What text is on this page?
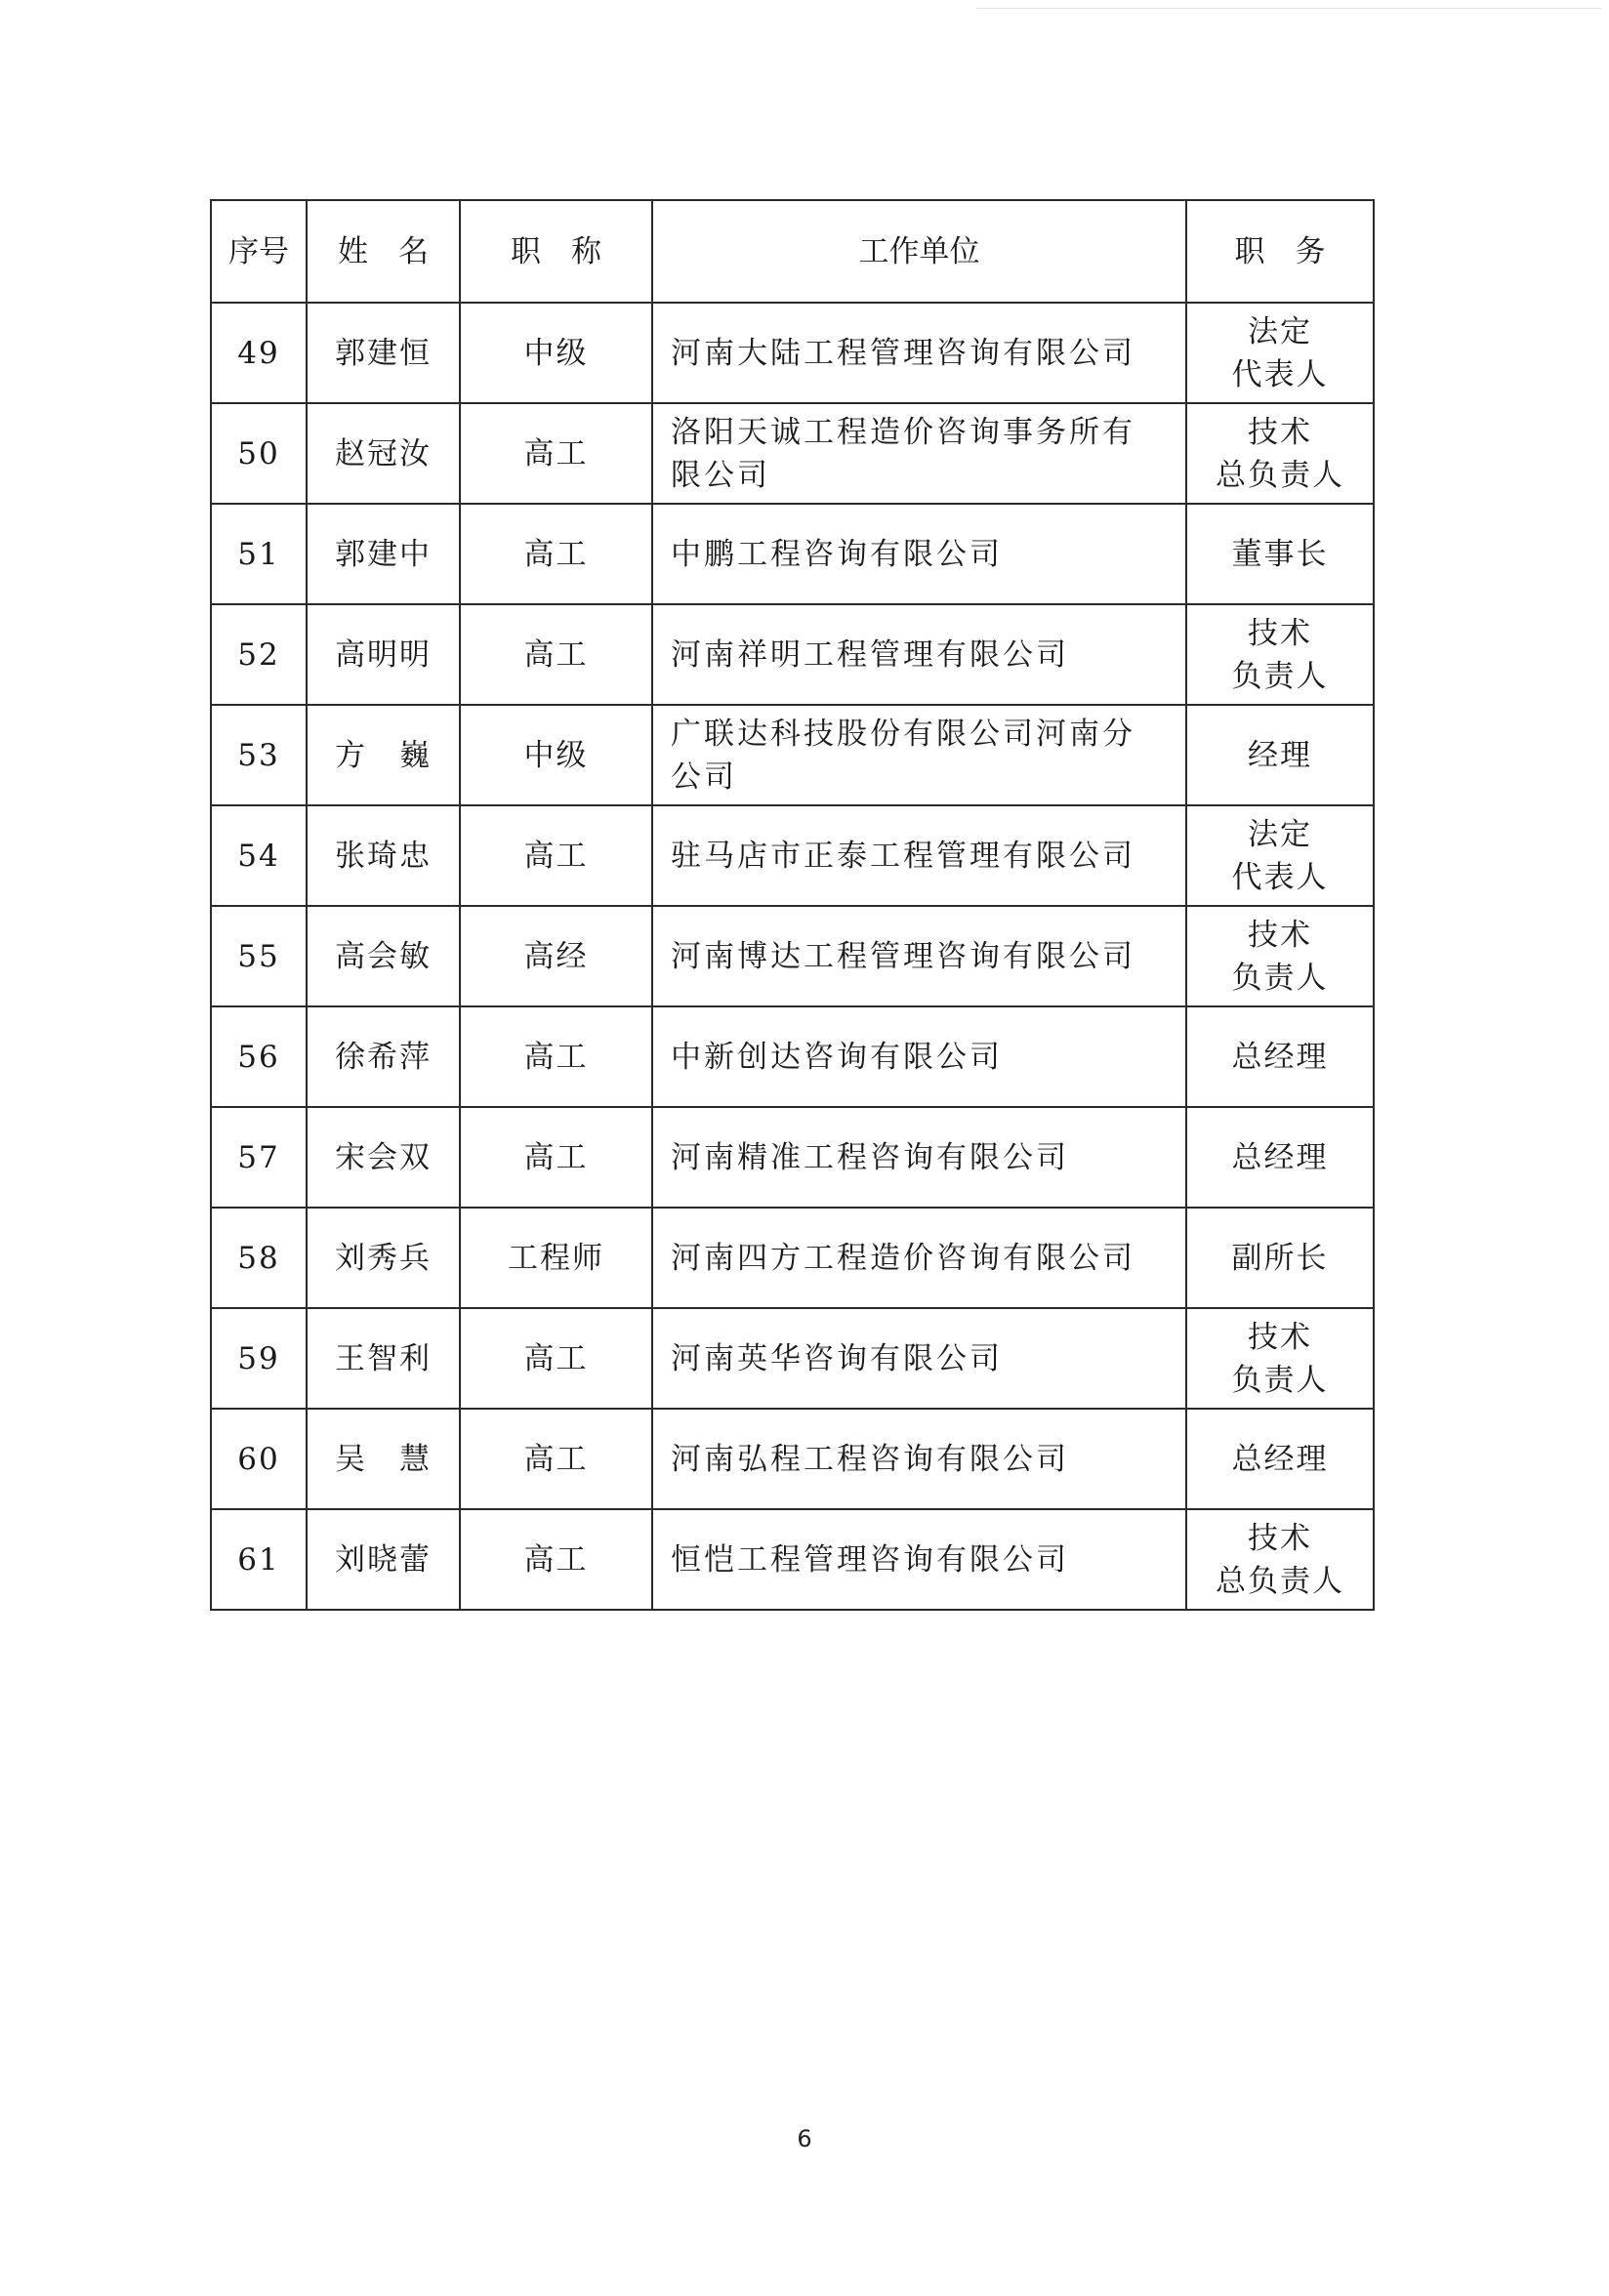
序号	姓　名	职　称	工作单位	职　务
49	郭建恒	中级	河南大陆工程管理咨询有限公司	法定
代表人

50	赵冠汝	高工	洛阳天诚工程造价咨询事务所有限公司	技术
总负责人

51	郭建中	高工	中鹏工程咨询有限公司	董事长

52	高明明	高工	河南祥明工程管理有限公司	技术
负责人

53	方　巍	中级	广联达科技股份有限公司河南分公司	经理

54	张琦忠	高工	驻马店市正泰工程管理有限公司	法定
代表人

55	高会敏	高经	河南博达工程管理咨询有限公司	技术
负责人

56	徐希萍	高工	中新创达咨询有限公司	总经理

57	宋会双	高工	河南精准工程咨询有限公司	总经理

58	刘秀兵	工程师	河南四方工程造价咨询有限公司	副所长

59	王智利	高工	河南英华咨询有限公司	技术
负责人

60	吴　慧	高工	河南弘程工程咨询有限公司	总经理

61	刘晓蕾	高工	恒恺工程管理咨询有限公司	技术
总负责人
6
